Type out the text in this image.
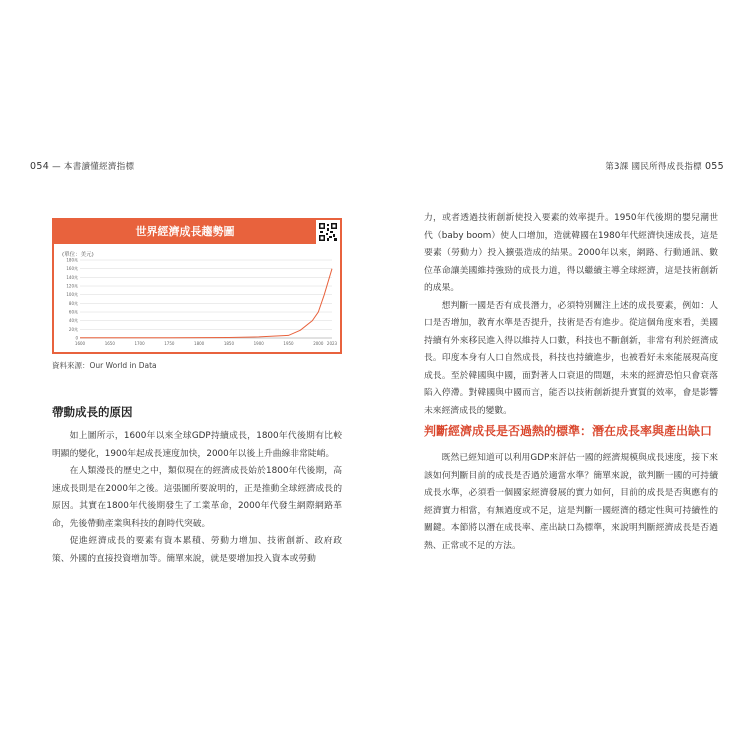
054 — 本書讀懂經濟指標
世界經濟成長趨勢圖
(單位：美元)
0
20兆
40兆
60兆
80兆
100兆
120兆
140兆
160兆
180兆
1600	1650	1700	1750	1800	1850	1900	1950	2000 2023
資料來源：Our World in Data
帶動成長的原因

如上圖所示，1600年以來全球GDP持續成長，1800年代後期有比較明顯的變化，1900年起成長速度加快，2000年以後上升曲線非常陡峭。

在人類漫長的歷史之中，類似現在的經濟成長始於1800年代後期，高速成長則是在2000年之後。這張圖所要說明的，正是推動全球經濟成長的原因。其實在1800年代後期發生了工業革命，2000年代發生網際網路革命，先後帶動產業與科技的創時代突破。

促進經濟成長的要素有資本累積、勞動力增加、技術創新、政府政策、外國的直接投資增加等。簡單來說，就是要增加投入資本或勞動

第3課 國民所得成長指標 055

力，或者透過技術創新使投入要素的效率提升。1950年代後期的嬰兒潮世代（baby boom）使人口增加，造就韓國在1980年代經濟快速成長，這是要素（勞動力）投入擴張造成的結果。2000年以來，網路、行動通訊、數位革命讓美國維持強勁的成長力道，得以繼續主導全球經濟，這是技術創新的成果。

想判斷一國是否有成長潛力，必須特別關注上述的成長要素，例如：人口是否增加，教育水準是否提升，技術是否有進步。從這個角度來看，美國持續有外來移民進入得以維持人口數，科技也不斷創新，非常有利於經濟成長。印度本身有人口自然成長，科技也持續進步，也被看好未來能展現高度成長。至於韓國與中國，面對著人口衰退的問題，未來的經濟恐怕只會衰落陷入停滯。對韓國與中國而言，能否以技術創新提升實質的效率，會是影響未來經濟成長的變數。

判斷經濟成長是否過熱的標準：潛在成長率與產出缺口

既然已經知道可以利用GDP來評估一國的經濟規模與成長速度，接下來該如何判斷目前的成長是否過於適當水準？簡單來說，欲判斷一國的可持續成長水準，必須看一個國家經濟發展的實力如何，目前的成長是否與應有的經濟實力相當，有無過度或不足，這是判斷一國經濟的穩定性與可持續性的關鍵。本節將以潛在成長率、產出缺口為標準，來說明判斷經濟成長是否過熱、正常或不足的方法。
